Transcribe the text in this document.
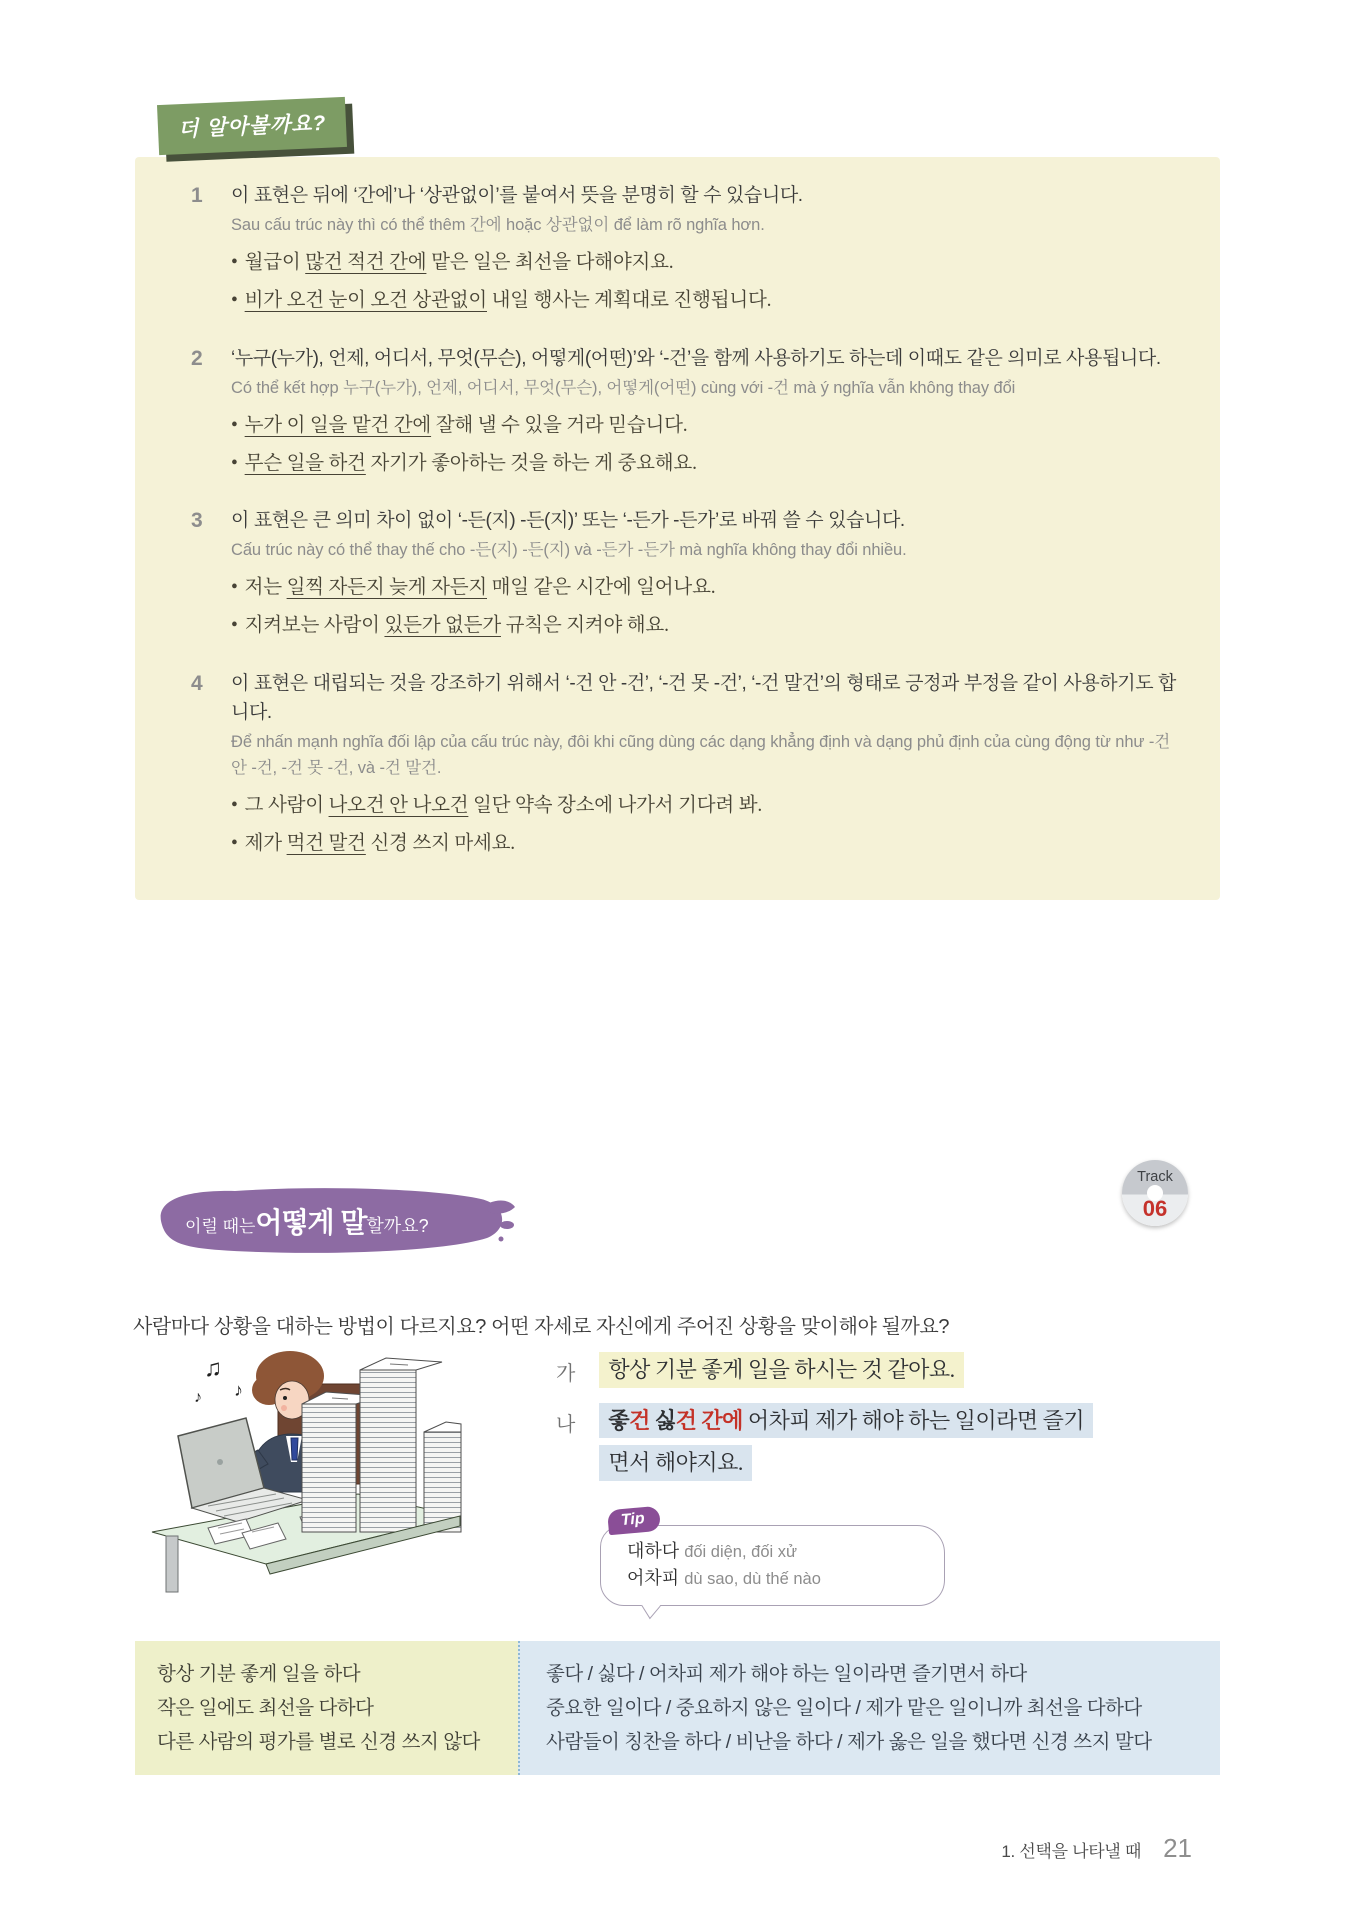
더 알아볼까요?
1	이 표현은 뒤에 ‘간에’나 ‘상관없이’를 붙여서 뜻을 분명히 할 수 있습니다.
Sau cấu trúc này thì có thể thêm 간에 hoặc 상관없이 để làm rõ nghĩa hơn.
• 월급이 많건 적건 간에 맡은 일은 최선을 다해야지요.
• 비가 오건 눈이 오건 상관없이 내일 행사는 계획대로 진행됩니다.
2	‘누구(누가), 언제, 어디서, 무엇(무슨), 어떻게(어떤)’와 ‘-건’을 함께 사용하기도 하는데 이때도 같은 의미로 사용됩니다.
Có thể kết hợp 누구(누가), 언제, 어디서, 무엇(무슨), 어떻게(어떤) cùng với -건 mà ý nghĩa vẫn không thay đổi
• 누가 이 일을 맡건 간에 잘해 낼 수 있을 거라 믿습니다.
• 무슨 일을 하건 자기가 좋아하는 것을 하는 게 중요해요.
3	이 표현은 큰 의미 차이 없이 ‘-든(지) -든(지)’ 또는 ‘-든가 -든가’로 바꿔 쓸 수 있습니다.
Cấu trúc này có thể thay thế cho -든(지) -든(지) và -든가 -든가 mà nghĩa không thay đổi nhiều.
• 저는 일찍 자든지 늦게 자든지 매일 같은 시간에 일어나요.
• 지켜보는 사람이 있든가 없든가 규칙은 지켜야 해요.
4	이 표현은 대립되는 것을 강조하기 위해서 ‘-건 안 -건’, ‘-건 못 -건’, ‘-건 말건’의 형태로 긍정과 부정을 같이 사용하기도 합니다.
Để nhấn mạnh nghĩa đối lập của cấu trúc này, đôi khi cũng dùng các dạng khẳng định và dạng phủ định của cùng động từ như -건 안 -건, -건 못 -건, và -건 말건.
• 그 사람이 나오건 안 나오건 일단 약속 장소에 나가서 기다려 봐.
• 제가 먹건 말건 신경 쓰지 마세요.
이럴 때는 어떻게 말 할까요?
Track
06
사람마다 상황을 대하는 방법이 다르지요? 어떤 자세로 자신에게 주어진 상황을 맞이해야 될까요?
♫
♪
♪
가	항상 기분 좋게 일을 하시는 것 같아요.
나	좋건 싫건 간에 어차피 제가 해야 하는 일이라면 즐기
면서 해야지요.
Tip
대하다 đối diện, đối xử
어차피 dù sao, dù thế nào
항상 기분 좋게 일을 하다
작은 일에도 최선을 다하다
다른 사람의 평가를 별로 신경 쓰지 않다
좋다 / 싫다 / 어차피 제가 해야 하는 일이라면 즐기면서 하다
중요한 일이다 / 중요하지 않은 일이다 / 제가 맡은 일이니까 최선을 다하다
사람들이 칭찬을 하다 / 비난을 하다 / 제가 옳은 일을 했다면 신경 쓰지 말다
1. 선택을 나타낼 때 21
